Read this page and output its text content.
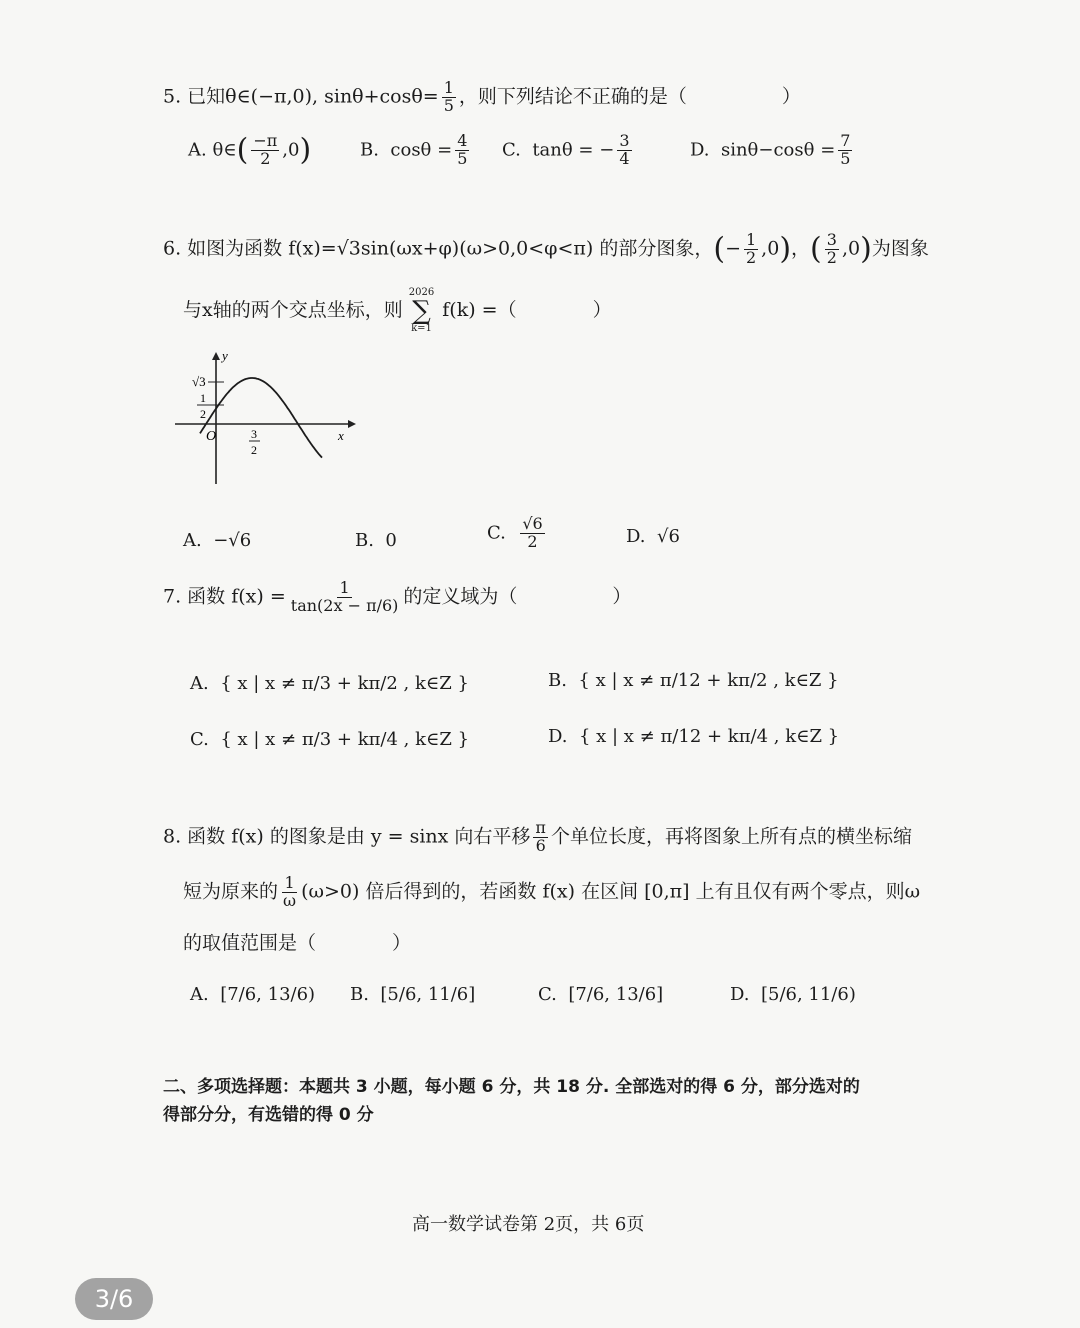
5. 已知θ∈(−π,0), $\sin\theta+\cos\theta= \frac{1}{5}$ ，则下列结论不正确的是（　　　　　）
A. θ∈( $\frac{-\pi}{2} ,0$)	B. $\cos\theta = \frac{4}{5} C$. tanθ = − $\frac{3}{4}$	D. $\sin\theta-\cos\theta = \frac{7}{5}$
6. 如图为函数 f(x)=√3sin(ωx+φ)(ω>0,0<φ<π) 的部分图象，(− $\frac{1}{2} ,0$)，( $\frac{3}{2} ,0$)为图象
与x轴的两个交点坐标，则
2026
∑
k=1
f(k) =（　　　　）
y
x
O
√3
1
2
3
2
A. −√6	B. 0	C. $\frac{√6}{2}$	D. √6
7. 函数 $f(x) = \frac{1}{\tan(2x - \pi/6)}$ 的定义域为（　　　　　）
A. { x | x ≠ π/3 + kπ/2 , k∈Z }	B. { x | x ≠ π/12 + kπ/2 , k∈Z }
C. { x | x ≠ π/3 + kπ/4 , k∈Z }	D. { x | x ≠ π/12 + kπ/4 , k∈Z }
8. 函数 f(x) 的图象是由 y = sinx 向右平移 $\frac{\pi}{6}$ 个单位长度，再将图象上所有点的横坐标缩
短为原来的 $\frac{1}{\omega} (\omega>0)$ 倍后得到的，若函数 f(x) 在区间 [0,π] 上有且仅有两个零点，则ω
的取值范围是（　　　　）
A. [7/6, 13/6) B. [5/6, 11/6]	C. [7/6, 13/6]	D. [5/6, 11/6)
二、多项选择题：本题共 3 小题，每小题 6 分，共 18 分. 全部选对的得 6 分，部分选对的
得部分分，有选错的得 0 分
高一数学试卷第 2页，共 6页
3/6
